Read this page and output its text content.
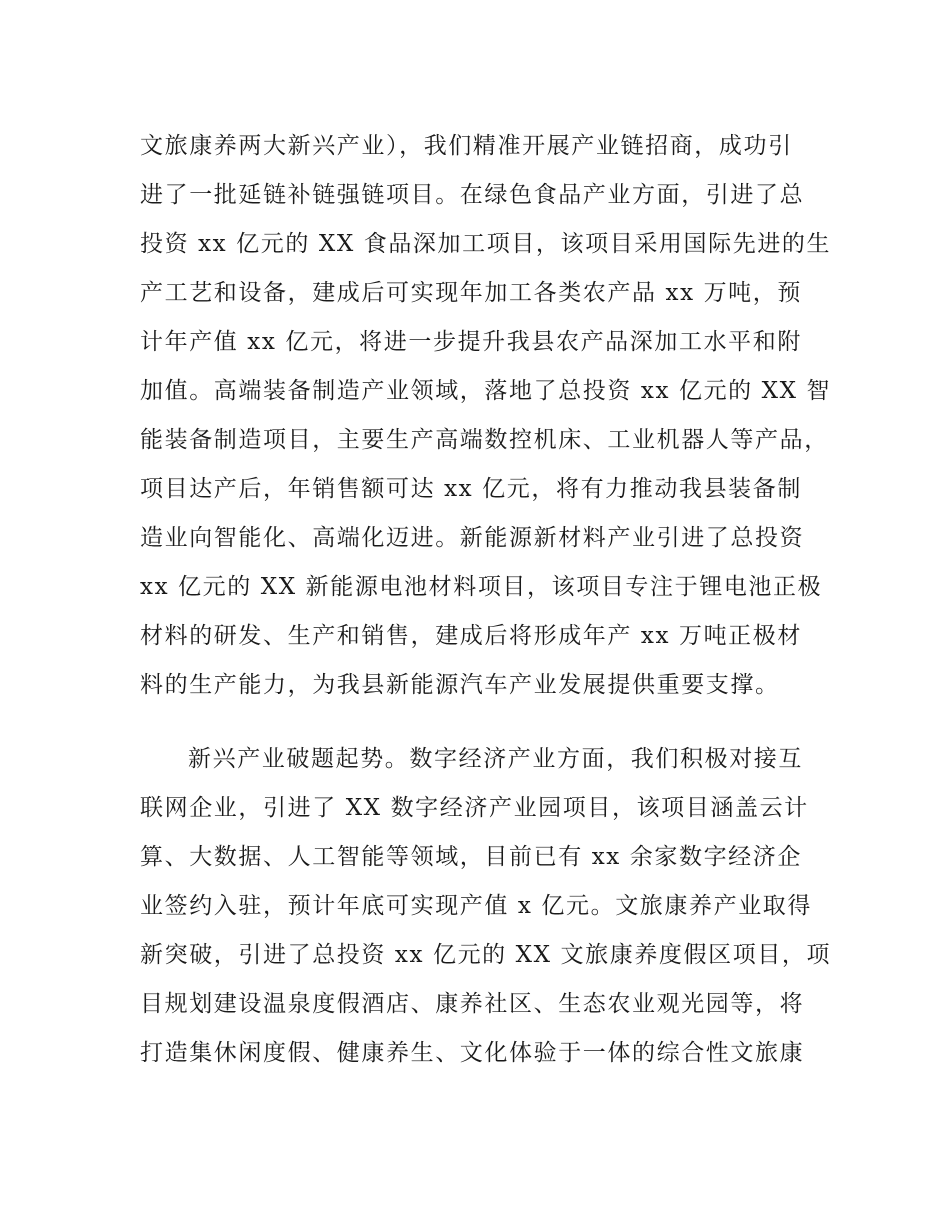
文旅康养两大新兴产业），我们精准开展产业链招商，成功引
进了一批延链补链强链项目。在绿色食品产业方面，引进了总
投资 xx 亿元的 XX 食品深加工项目，该项目采用国际先进的生
产工艺和设备，建成后可实现年加工各类农产品 xx 万吨，预
计年产值 xx 亿元，将进一步提升我县农产品深加工水平和附
加值。高端装备制造产业领域，落地了总投资 xx 亿元的 XX 智
能装备制造项目，主要生产高端数控机床、工业机器人等产品，
项目达产后，年销售额可达 xx 亿元，将有力推动我县装备制
造业向智能化、高端化迈进。新能源新材料产业引进了总投资
xx 亿元的 XX 新能源电池材料项目，该项目专注于锂电池正极
材料的研发、生产和销售，建成后将形成年产 xx 万吨正极材
料的生产能力，为我县新能源汽车产业发展提供重要支撑。
新兴产业破题起势。数字经济产业方面，我们积极对接互
联网企业，引进了 XX 数字经济产业园项目，该项目涵盖云计
算、大数据、人工智能等领域，目前已有 xx 余家数字经济企
业签约入驻，预计年底可实现产值 x 亿元。文旅康养产业取得
新突破，引进了总投资 xx 亿元的 XX 文旅康养度假区项目，项
目规划建设温泉度假酒店、康养社区、生态农业观光园等，将
打造集休闲度假、健康养生、文化体验于一体的综合性文旅康
